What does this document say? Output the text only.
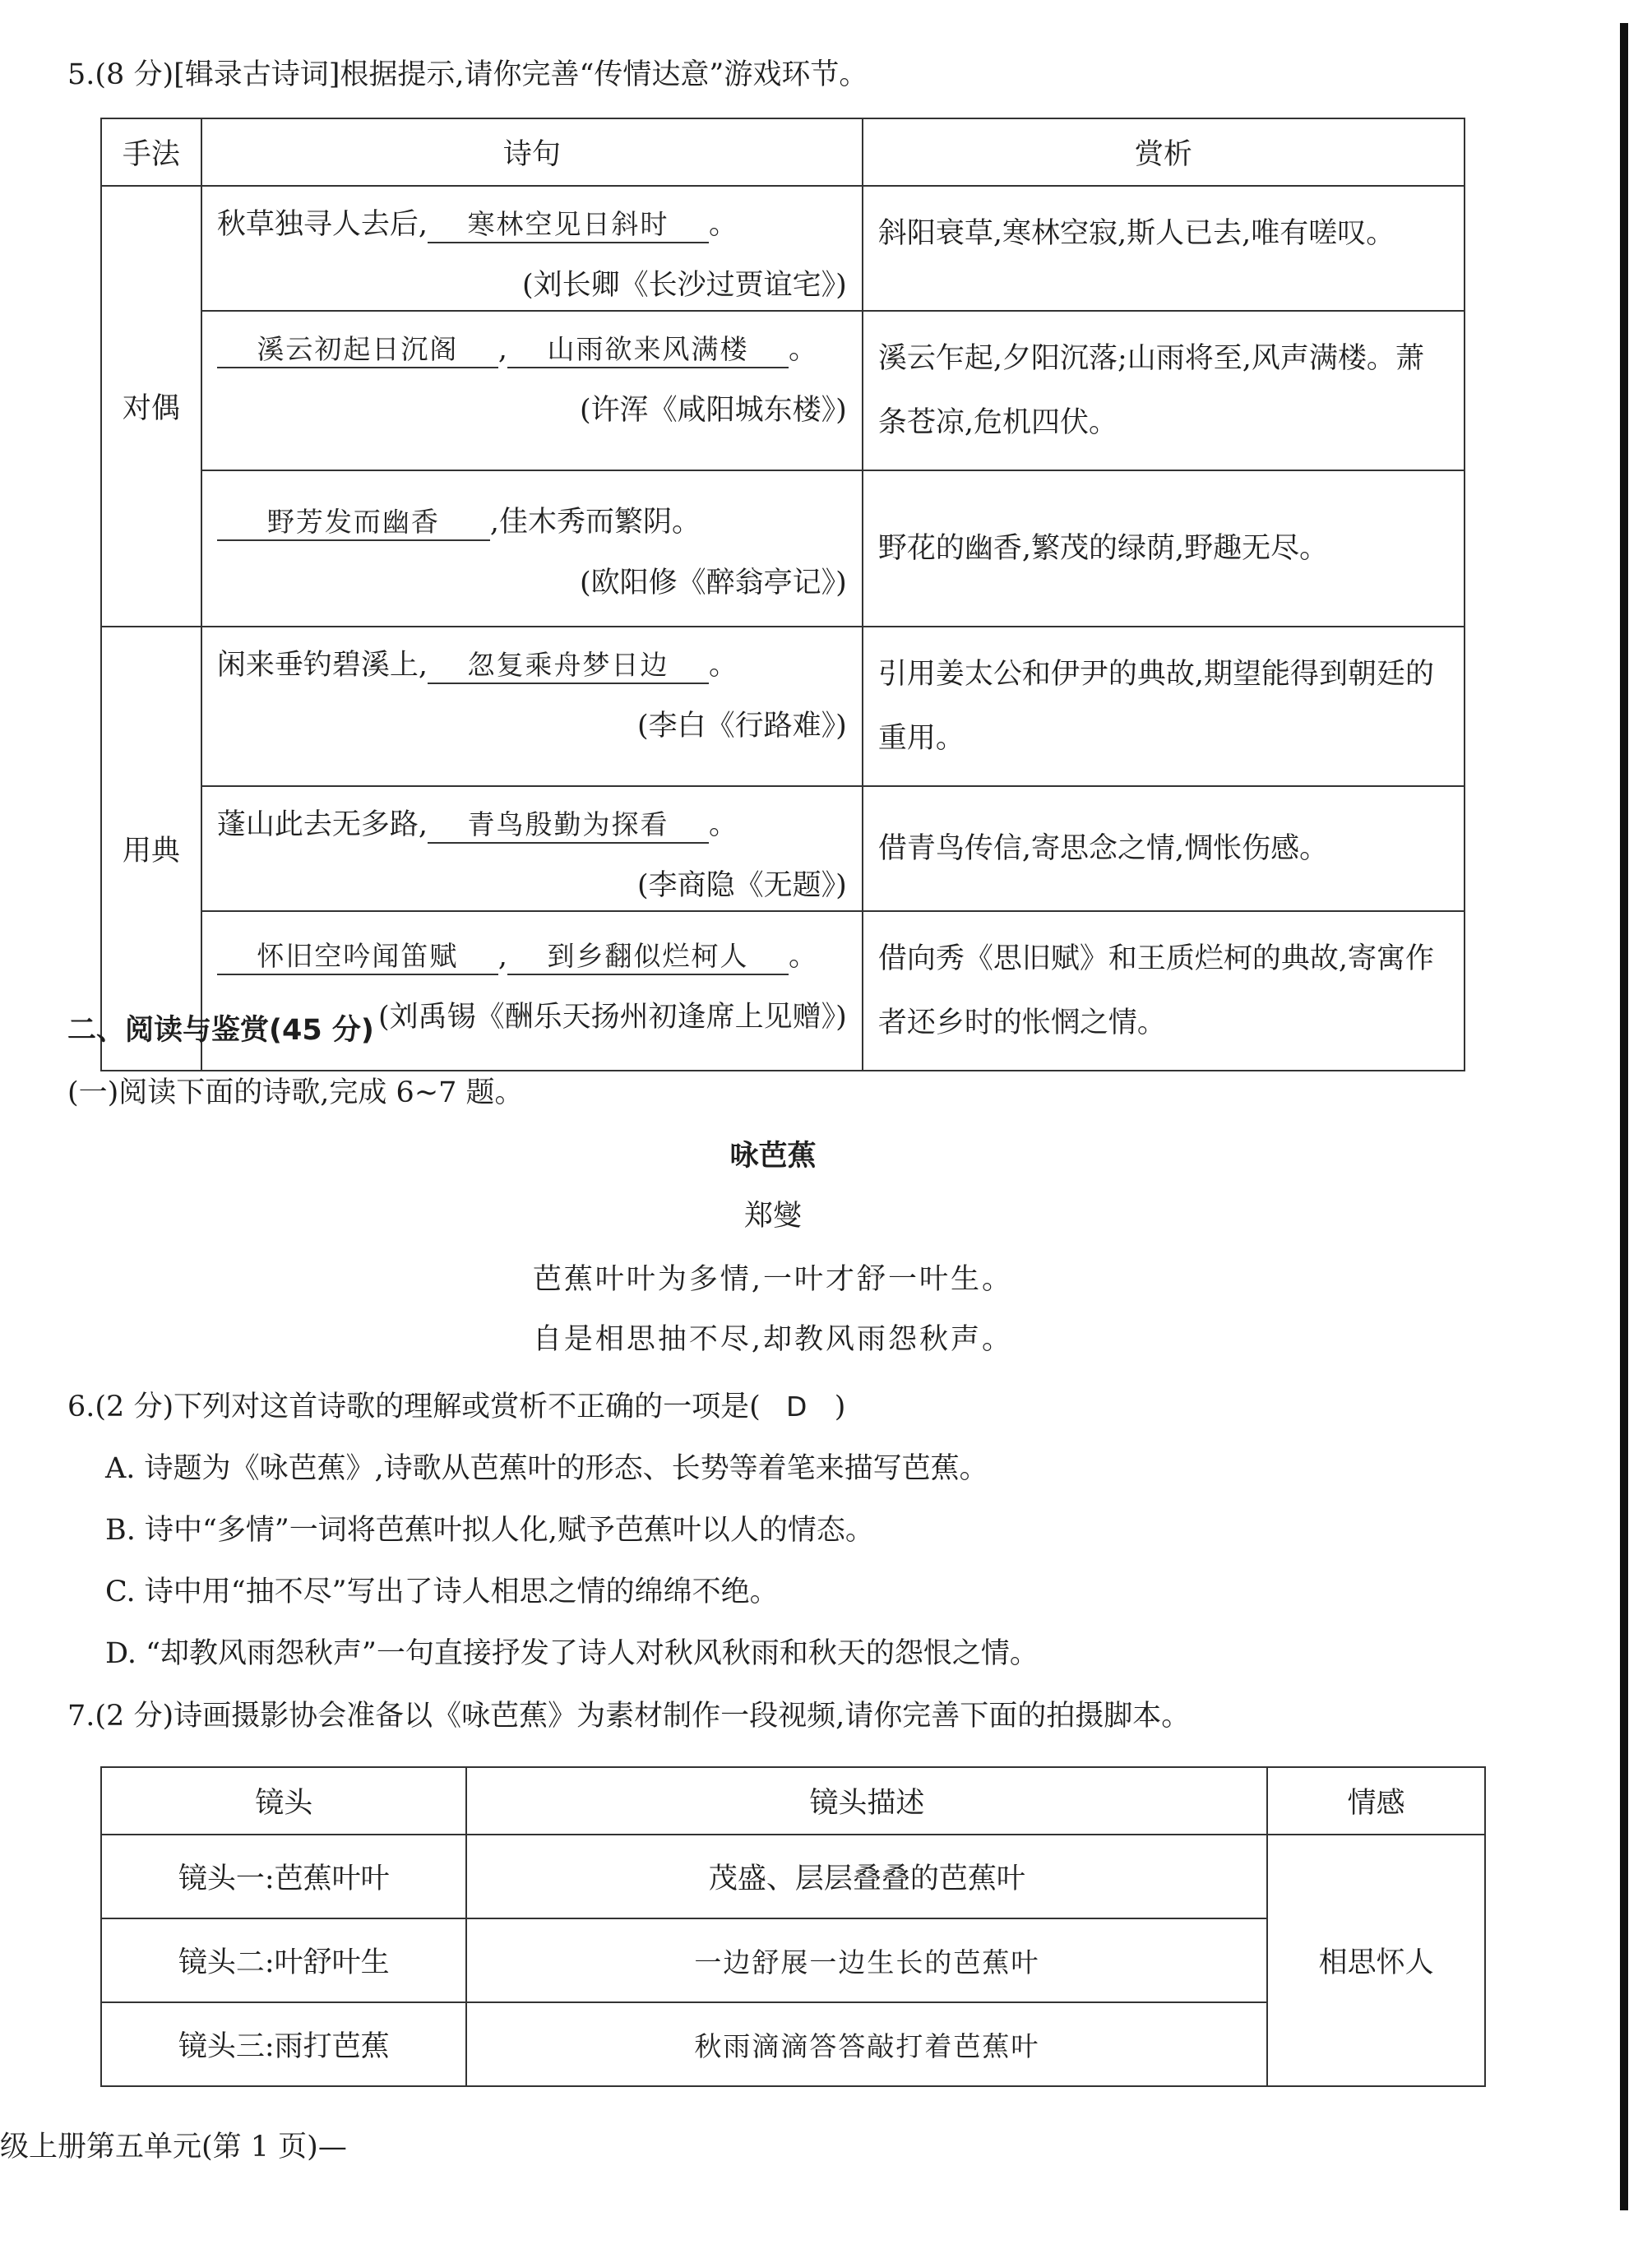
5.(8 分)[辑录古诗词]根据提示,请你完善“传情达意”游戏环节。
手法	诗句	赏析
对偶	秋草独寻人去后, 寒林空见日斜时 。
(刘长卿《长沙过贾谊宅》)	斜阳衰草,寒林空寂,斯人已去,唯有嗟叹。

	溪云初起日沉阁 , 山雨欲来风满楼 。
(许浑《咸阳城东楼》)	溪云乍起,夕阳沉落;山雨将至,风声满楼。萧条苍凉,危机四伏。

	野芳发而幽香 ,佳木秀而繁阴。
(欧阳修《醉翁亭记》)	野花的幽香,繁茂的绿荫,野趣无尽。
用典	闲来垂钓碧溪上, 忽复乘舟梦日边 。
(李白《行路难》)	引用姜太公和伊尹的典故,期望能得到朝廷的重用。

	蓬山此去无多路, 青鸟殷勤为探看 。
(李商隐《无题》)	借青鸟传信,寄思念之情,惆怅伤感。

	怀旧空吟闻笛赋 , 到乡翻似烂柯人 。
(刘禹锡《酬乐天扬州初逢席上见赠》)	借向秀《思旧赋》和王质烂柯的典故,寄寓作者还乡时的怅惘之情。
二、阅读与鉴赏(45 分)
(一)阅读下面的诗歌,完成 6~7 题。
咏芭蕉
郑燮
芭蕉叶叶为多情,一叶才舒一叶生。
自是相思抽不尽,却教风雨怨秋声。
6.(2 分)下列对这首诗歌的理解或赏析不正确的一项是( D )
A. 诗题为《咏芭蕉》,诗歌从芭蕉叶的形态、长势等着笔来描写芭蕉。
B. 诗中“多情”一词将芭蕉叶拟人化,赋予芭蕉叶以人的情态。
C. 诗中用“抽不尽”写出了诗人相思之情的绵绵不绝。
D. “却教风雨怨秋声”一句直接抒发了诗人对秋风秋雨和秋天的怨恨之情。
7.(2 分)诗画摄影协会准备以《咏芭蕉》为素材制作一段视频,请你完善下面的拍摄脚本。
镜头	镜头描述	情感
镜头一:芭蕉叶叶	茂盛、层层叠叠的芭蕉叶	相思怀人
镜头二:叶舒叶生	一边舒展一边生长的芭蕉叶	
镜头三:雨打芭蕉	秋雨滴滴答答敲打着芭蕉叶	
级上册第五单元(第 1 页)—
